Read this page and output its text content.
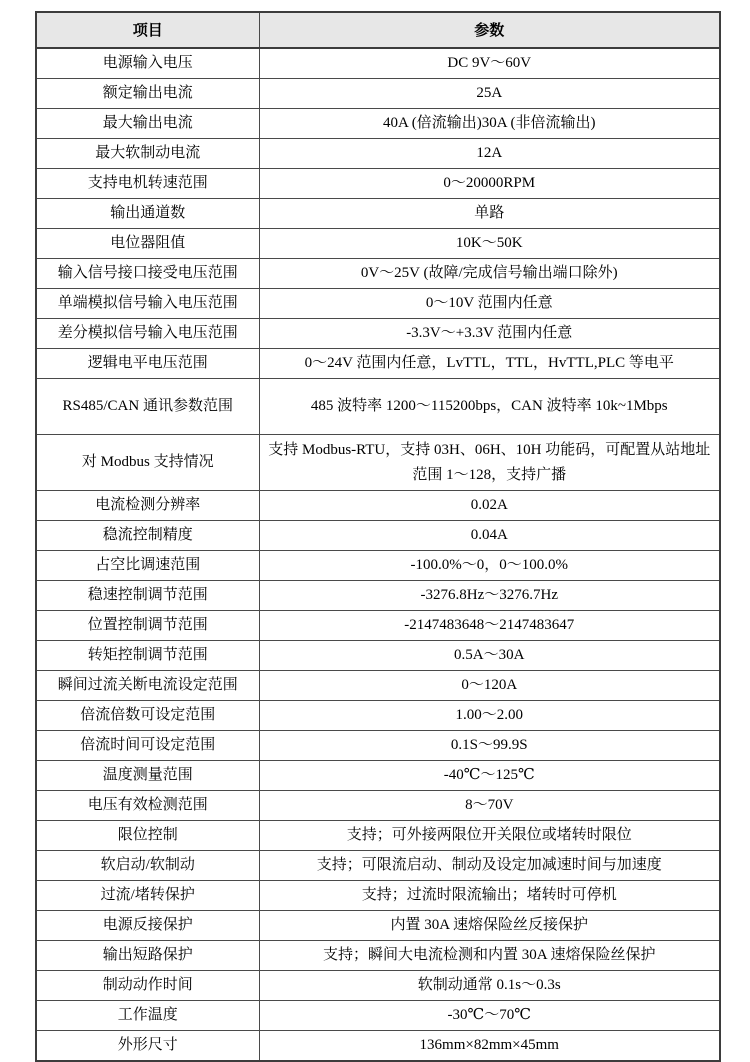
项目	参数
电源输入电压	DC 9V～60V
额定输出电流	25A
最大输出电流	40A (倍流输出)30A (非倍流输出)
最大软制动电流	12A
支持电机转速范围	0～20000RPM
输出通道数	单路
电位器阻值	10K～50K
输入信号接口接受电压范围	0V～25V (故障/完成信号输出端口除外)
单端模拟信号输入电压范围	0～10V 范围内任意
差分模拟信号输入电压范围	-3.3V～+3.3V 范围内任意
逻辑电平电压范围	0～24V 范围内任意，LvTTL，TTL，HvTTL,PLC 等电平
RS485/CAN 通讯参数范围	485 波特率 1200～115200bps，CAN 波特率 10k~1Mbps
对 Modbus 支持情况	支持 Modbus-RTU，支持 03H、06H、10H 功能码，可配置从站地址范围 1～128，支持广播
电流检测分辨率	0.02A
稳流控制精度	0.04A
占空比调速范围	-100.0%～0，0～100.0%
稳速控制调节范围	-3276.8Hz～3276.7Hz
位置控制调节范围	-2147483648～2147483647
转矩控制调节范围	0.5A～30A
瞬间过流关断电流设定范围	0～120A
倍流倍数可设定范围	1.00～2.00
倍流时间可设定范围	0.1S～99.9S
温度测量范围	-40℃～125℃
电压有效检测范围	8～70V
限位控制	支持；可外接两限位开关限位或堵转时限位
软启动/软制动	支持；可限流启动、制动及设定加减速时间与加速度
过流/堵转保护	支持；过流时限流输出；堵转时可停机
电源反接保护	内置 30A 速熔保险丝反接保护
输出短路保护	支持；瞬间大电流检测和内置 30A 速熔保险丝保护
制动动作时间	软制动通常 0.1s～0.3s
工作温度	-30℃～70℃
外形尺寸	136mm×82mm×45mm
